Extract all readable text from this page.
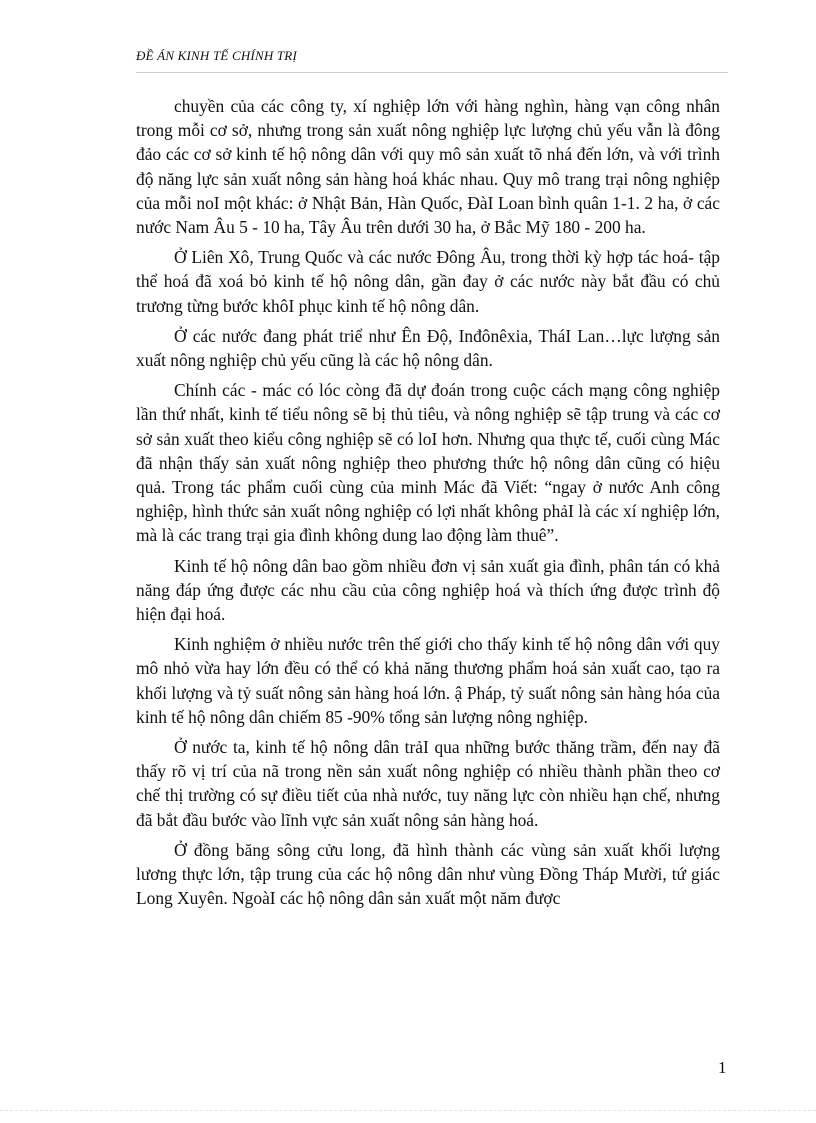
ĐỀ ÁN KINH TẾ CHÍNH TRỊ

chuyền của các công ty, xí nghiệp lớn với hàng nghìn, hàng vạn công nhân trong mỗi cơ sở, nhưng trong sản xuất nông nghiệp lực lượng chủ yếu vẫn là đông đảo các cơ sở kinh tế hộ nông dân với quy mô sản xuất tõ nhá đến lớn, và với trình độ năng lực sản xuất nông sản hàng hoá khác nhau. Quy mô trang trại nông nghiệp của mỗi noI một khác: ở Nhật Bản, Hàn Quốc, ĐàI Loan bình quân 1-1. 2 ha, ở các nước Nam Âu 5 - 10 ha, Tây Âu trên dưới 30 ha, ở Bắc Mỹ 180 - 200 ha.

Ở Liên Xô, Trung Quốc và các nước Đông Âu, trong thời kỳ hợp tác hoá- tập thể hoá đã xoá bỏ kinh tế hộ nông dân, gần đay ở các nước này bắt đầu có chủ trương từng bước khôI phục kinh tế hộ nông dân.

Ở các nước đang phát triể như Ên Độ, Inđônêxia, TháI Lan…lực lượng sản xuất nông nghiệp chủ yếu cũng là các hộ nông dân.

Chính các - mác có lóc còng đã dự đoán trong cuộc cách mạng công nghiệp lần thứ nhất, kinh tế tiểu nông sẽ bị thủ tiêu, và nông nghiệp sẽ tập trung và các cơ sở sản xuất theo kiểu công nghiệp sẽ có loI hơn. Nhưng qua thực tế, cuối cùng Mác đã nhận thấy sản xuất nông nghiệp theo phương thức hộ nông dân cũng có hiệu quả. Trong tác phẩm cuối cùng của minh Mác đã Viết: “ngay ở nước Anh công nghiệp, hình thức sản xuất nông nghiệp có lợi nhất không phảI là các xí nghiệp lớn, mà là các trang trại gia đình không dung lao động làm thuê”.

Kinh tế hộ nông dân bao gồm nhiều đơn vị sản xuất gia đình, phân tán có khả năng đáp ứng được các nhu cầu của công nghiệp hoá và thích ứng được trình độ hiện đại hoá.

Kinh nghiệm ở nhiều nước trên thế giới cho thấy kinh tế hộ nông dân với quy mô nhỏ vừa hay lớn đều có thể có khả năng thương phẩm hoá sản xuất cao, tạo ra khối lượng và tỷ suất nông sản hàng hoá lớn. ậ Pháp, tỷ suất nông sản hàng hóa của kinh tế hộ nông dân chiếm 85 -90% tổng sản lượng nông nghiệp.

Ở nước ta, kinh tế hộ nông dân trảI qua những bước thăng trầm, đến nay đã thấy rõ vị trí của nã trong nền sản xuất nông nghiệp có nhiều thành phần theo cơ chế thị trường có sự điều tiết của nhà nước, tuy năng lực còn nhiều hạn chế, nhưng đã bắt đầu bước vào lĩnh vực sản xuất nông sản hàng hoá.

Ở đồng băng sông cửu long, đã hình thành các vùng sản xuất khối lượng lương thực lớn, tập trung của các hộ nông dân như vùng Đồng Tháp Mười, tứ giác Long Xuyên. NgoàI các hộ nông dân sản xuất một năm được

1
